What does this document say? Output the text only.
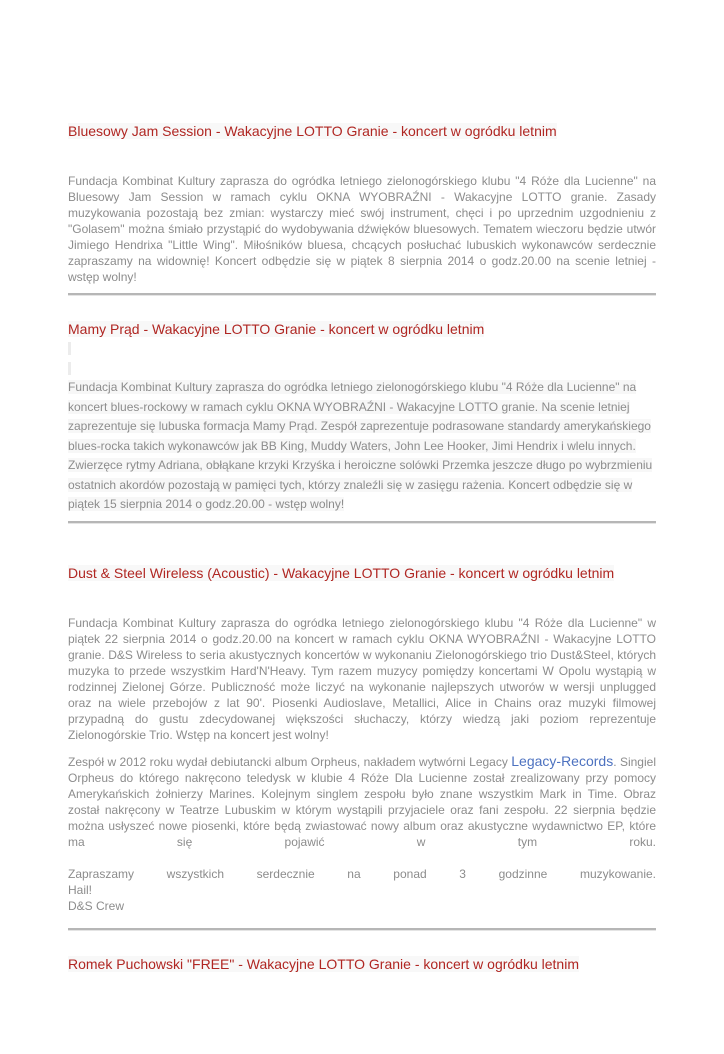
Bluesowy Jam Session - Wakacyjne LOTTO Granie - koncert w ogródku letnim

Fundacja Kombinat Kultury zaprasza do ogródka letniego zielonogórskiego klubu "4 Róże dla Lucienne" na Bluesowy Jam Session w ramach cyklu OKNA WYOBRAŹNI - Wakacyjne LOTTO granie. Zasady muzykowania pozostają bez zmian: wystarczy mieć swój instrument, chęci i po uprzednim uzgodnieniu z "Golasem" można śmiało przystąpić do wydobywania dźwięków bluesowych. Tematem wieczoru będzie utwór Jimiego Hendrixa "Little Wing". Miłośników bluesa, chcących posłuchać lubuskich wykonawców serdecznie zapraszamy na widownię! Koncert odbędzie się w piątek 8 sierpnia 2014 o godz.20.00 na scenie letniej - wstęp wolny!

Mamy Prąd - Wakacyjne LOTTO Granie - koncert w ogródku letnim
Fundacja Kombinat Kultury zaprasza do ogródka letniego zielonogórskiego klubu "4 Róże dla Lucienne" na koncert blues-rockowy w ramach cyklu OKNA WYOBRAŹNI - Wakacyjne LOTTO granie. Na scenie letniej zaprezentuje się lubuska formacja Mamy Prąd. Zespół zaprezentuje podrasowane standardy amerykańskiego blues-rocka takich wykonawców jak BB King, Muddy Waters, John Lee Hooker, Jimi Hendrix i wlelu innych. Zwierzęce rytmy Adriana, obłąkane krzyki Krzyśka i heroiczne solówki Przemka jeszcze długo po wybrzmieniu ostatnich akordów pozostają w pamięci tych, którzy znaleźli się w zasięgu rażenia. Koncert odbędzie się w piątek 15 sierpnia 2014 o godz.20.00 - wstęp wolny!
Dust & Steel Wireless (Acoustic) - Wakacyjne LOTTO Granie - koncert w ogródku letnim

Fundacja Kombinat Kultury zaprasza do ogródka letniego zielonogórskiego klubu "4 Róże dla Lucienne" w piątek 22 sierpnia 2014 o godz.20.00 na koncert w ramach cyklu OKNA WYOBRAŹNI - Wakacyjne LOTTO granie. D&S Wireless to seria akustycznych koncertów w wykonaniu Zielonogórskiego trio Dust&Steel, których muzyka to przede wszystkim Hard'N'Heavy. Tym razem muzycy pomiędzy koncertami W Opolu wystąpią w rodzinnej Zielonej Górze. Publiczność może liczyć na wykonanie najlepszych utworów w wersji unplugged oraz na wiele przebojów z lat 90'. Piosenki Audioslave, Metallici, Alice in Chains oraz muzyki filmowej przypadną do gustu zdecydowanej większości słuchaczy, którzy wiedzą jaki poziom reprezentuje Zielonogórskie Trio. Wstęp na koncert jest wolny!

Zespół w 2012 roku wydał debiutancki album Orpheus, nakładem wytwórni Legacy Legacy-Records. Singiel Orpheus do którego nakręcono teledysk w klubie 4 Róże Dla Lucienne został zrealizowany przy pomocy Amerykańskich żołnierzy Marines. Kolejnym singlem zespołu było znane wszystkim Mark in Time. Obraz został nakręcony w Teatrze Lubuskim w którym wystąpili przyjaciele oraz fani zespołu. 22 sierpnia będzie można usłyszeć nowe piosenki, które będą zwiastować nowy album oraz akustyczne wydawnictwo EP, które ma się pojawić w tym roku.

Zapraszamy wszystkich serdecznie na ponad 3 godzinne muzykowanie.

Hail!

D&S Crew

Romek Puchowski "FREE" - Wakacyjne LOTTO Granie - koncert w ogródku letnim
